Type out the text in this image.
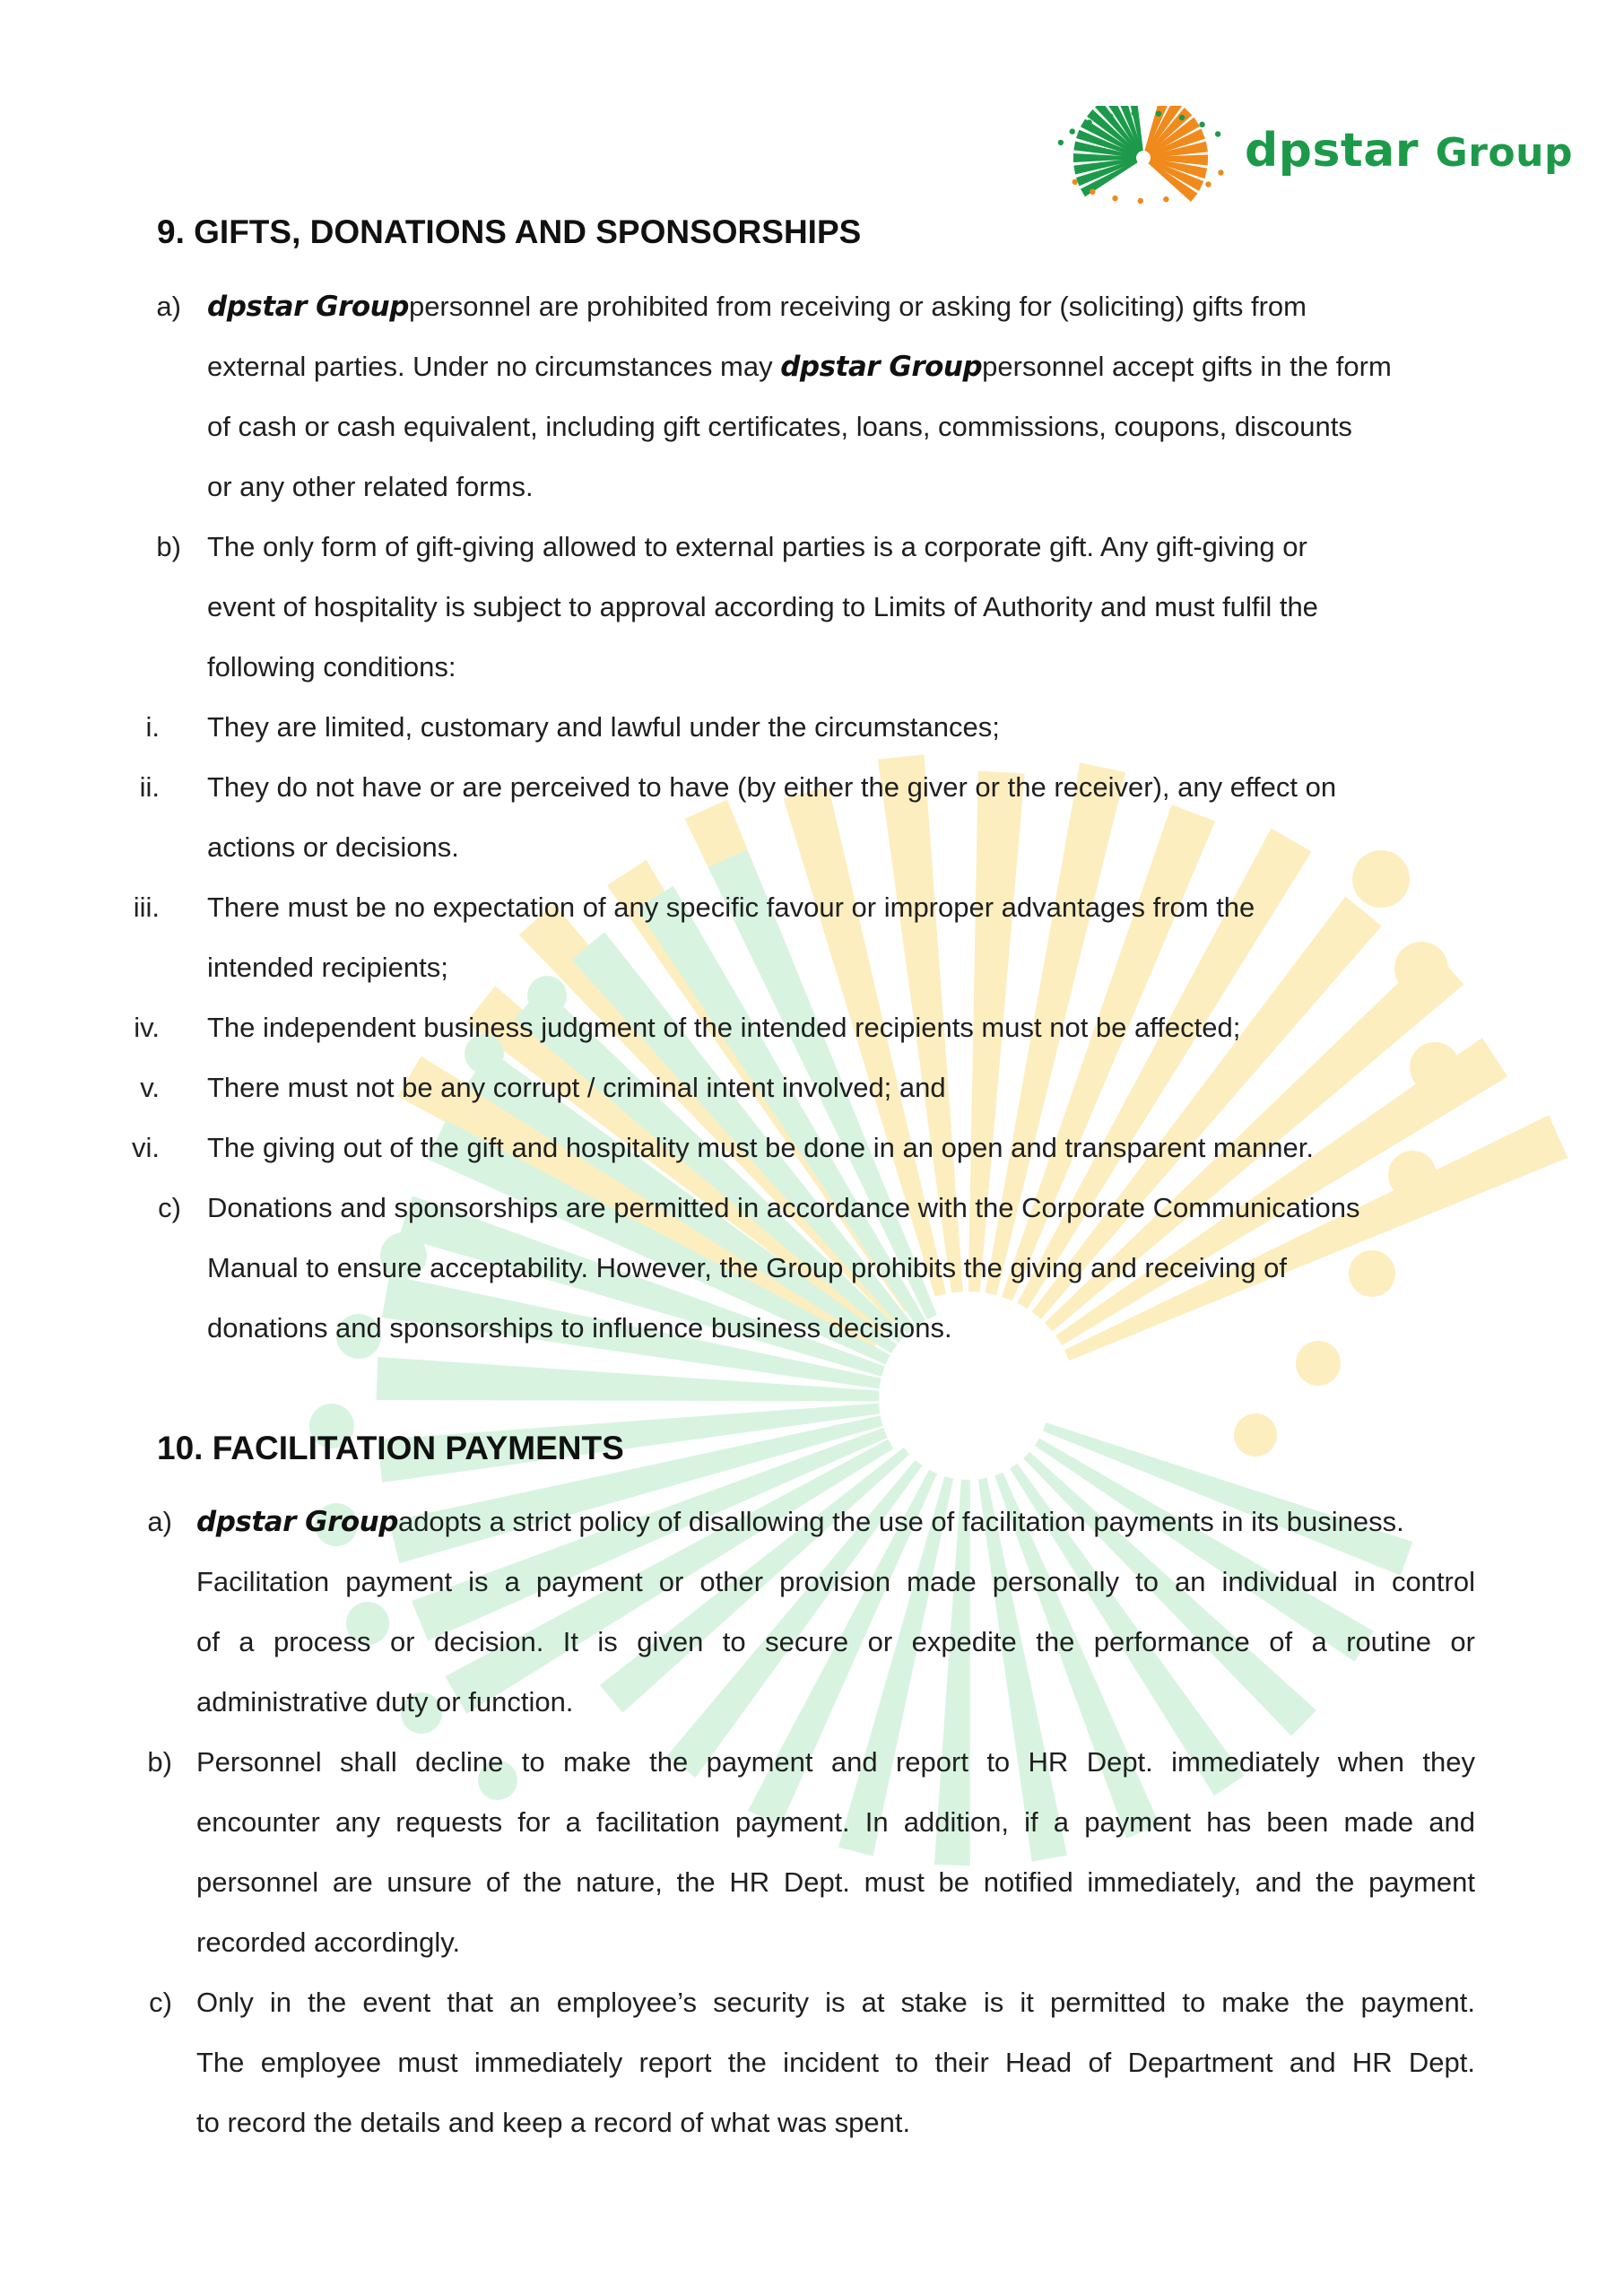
dpstar Group
9. GIFTS, DONATIONS AND SPONSORSHIPS
a) dpstar Grouppersonnel are prohibited from receiving or asking for (soliciting) gifts from
external parties. Under no circumstances may dpstar Grouppersonnel accept gifts in the form
of cash or cash equivalent, including gift certificates, loans, commissions, coupons, discounts
or any other related forms.
b) The only form of gift-giving allowed to external parties is a corporate gift. Any gift-giving or
event of hospitality is subject to approval according to Limits of Authority and must fulfil the
following conditions:
i. They are limited, customary and lawful under the circumstances;
ii. They do not have or are perceived to have (by either the giver or the receiver), any effect on
actions or decisions.
iii. There must be no expectation of any specific favour or improper advantages from the
intended recipients;
iv. The independent business judgment of the intended recipients must not be affected;
v. There must not be any corrupt / criminal intent involved; and
vi. The giving out of the gift and hospitality must be done in an open and transparent manner.
c) Donations and sponsorships are permitted in accordance with the Corporate Communications
Manual to ensure acceptability. However, the Group prohibits the giving and receiving of
donations and sponsorships to influence business decisions.
10. FACILITATION PAYMENTS
a) dpstar Groupadopts a strict policy of disallowing the use of facilitation payments in its business.
Facilitation payment is a payment or other provision made personally to an individual in control
of a process or decision. It is given to secure or expedite the performance of a routine or
administrative duty or function.
b) Personnel shall decline to make the payment and report to HR Dept. immediately when they
encounter any requests for a facilitation payment. In addition, if a payment has been made and
personnel are unsure of the nature, the HR Dept. must be notified immediately, and the payment
recorded accordingly.
c) Only in the event that an employee’s security is at stake is it permitted to make the payment.
The employee must immediately report the incident to their Head of Department and HR Dept.
to record the details and keep a record of what was spent.
